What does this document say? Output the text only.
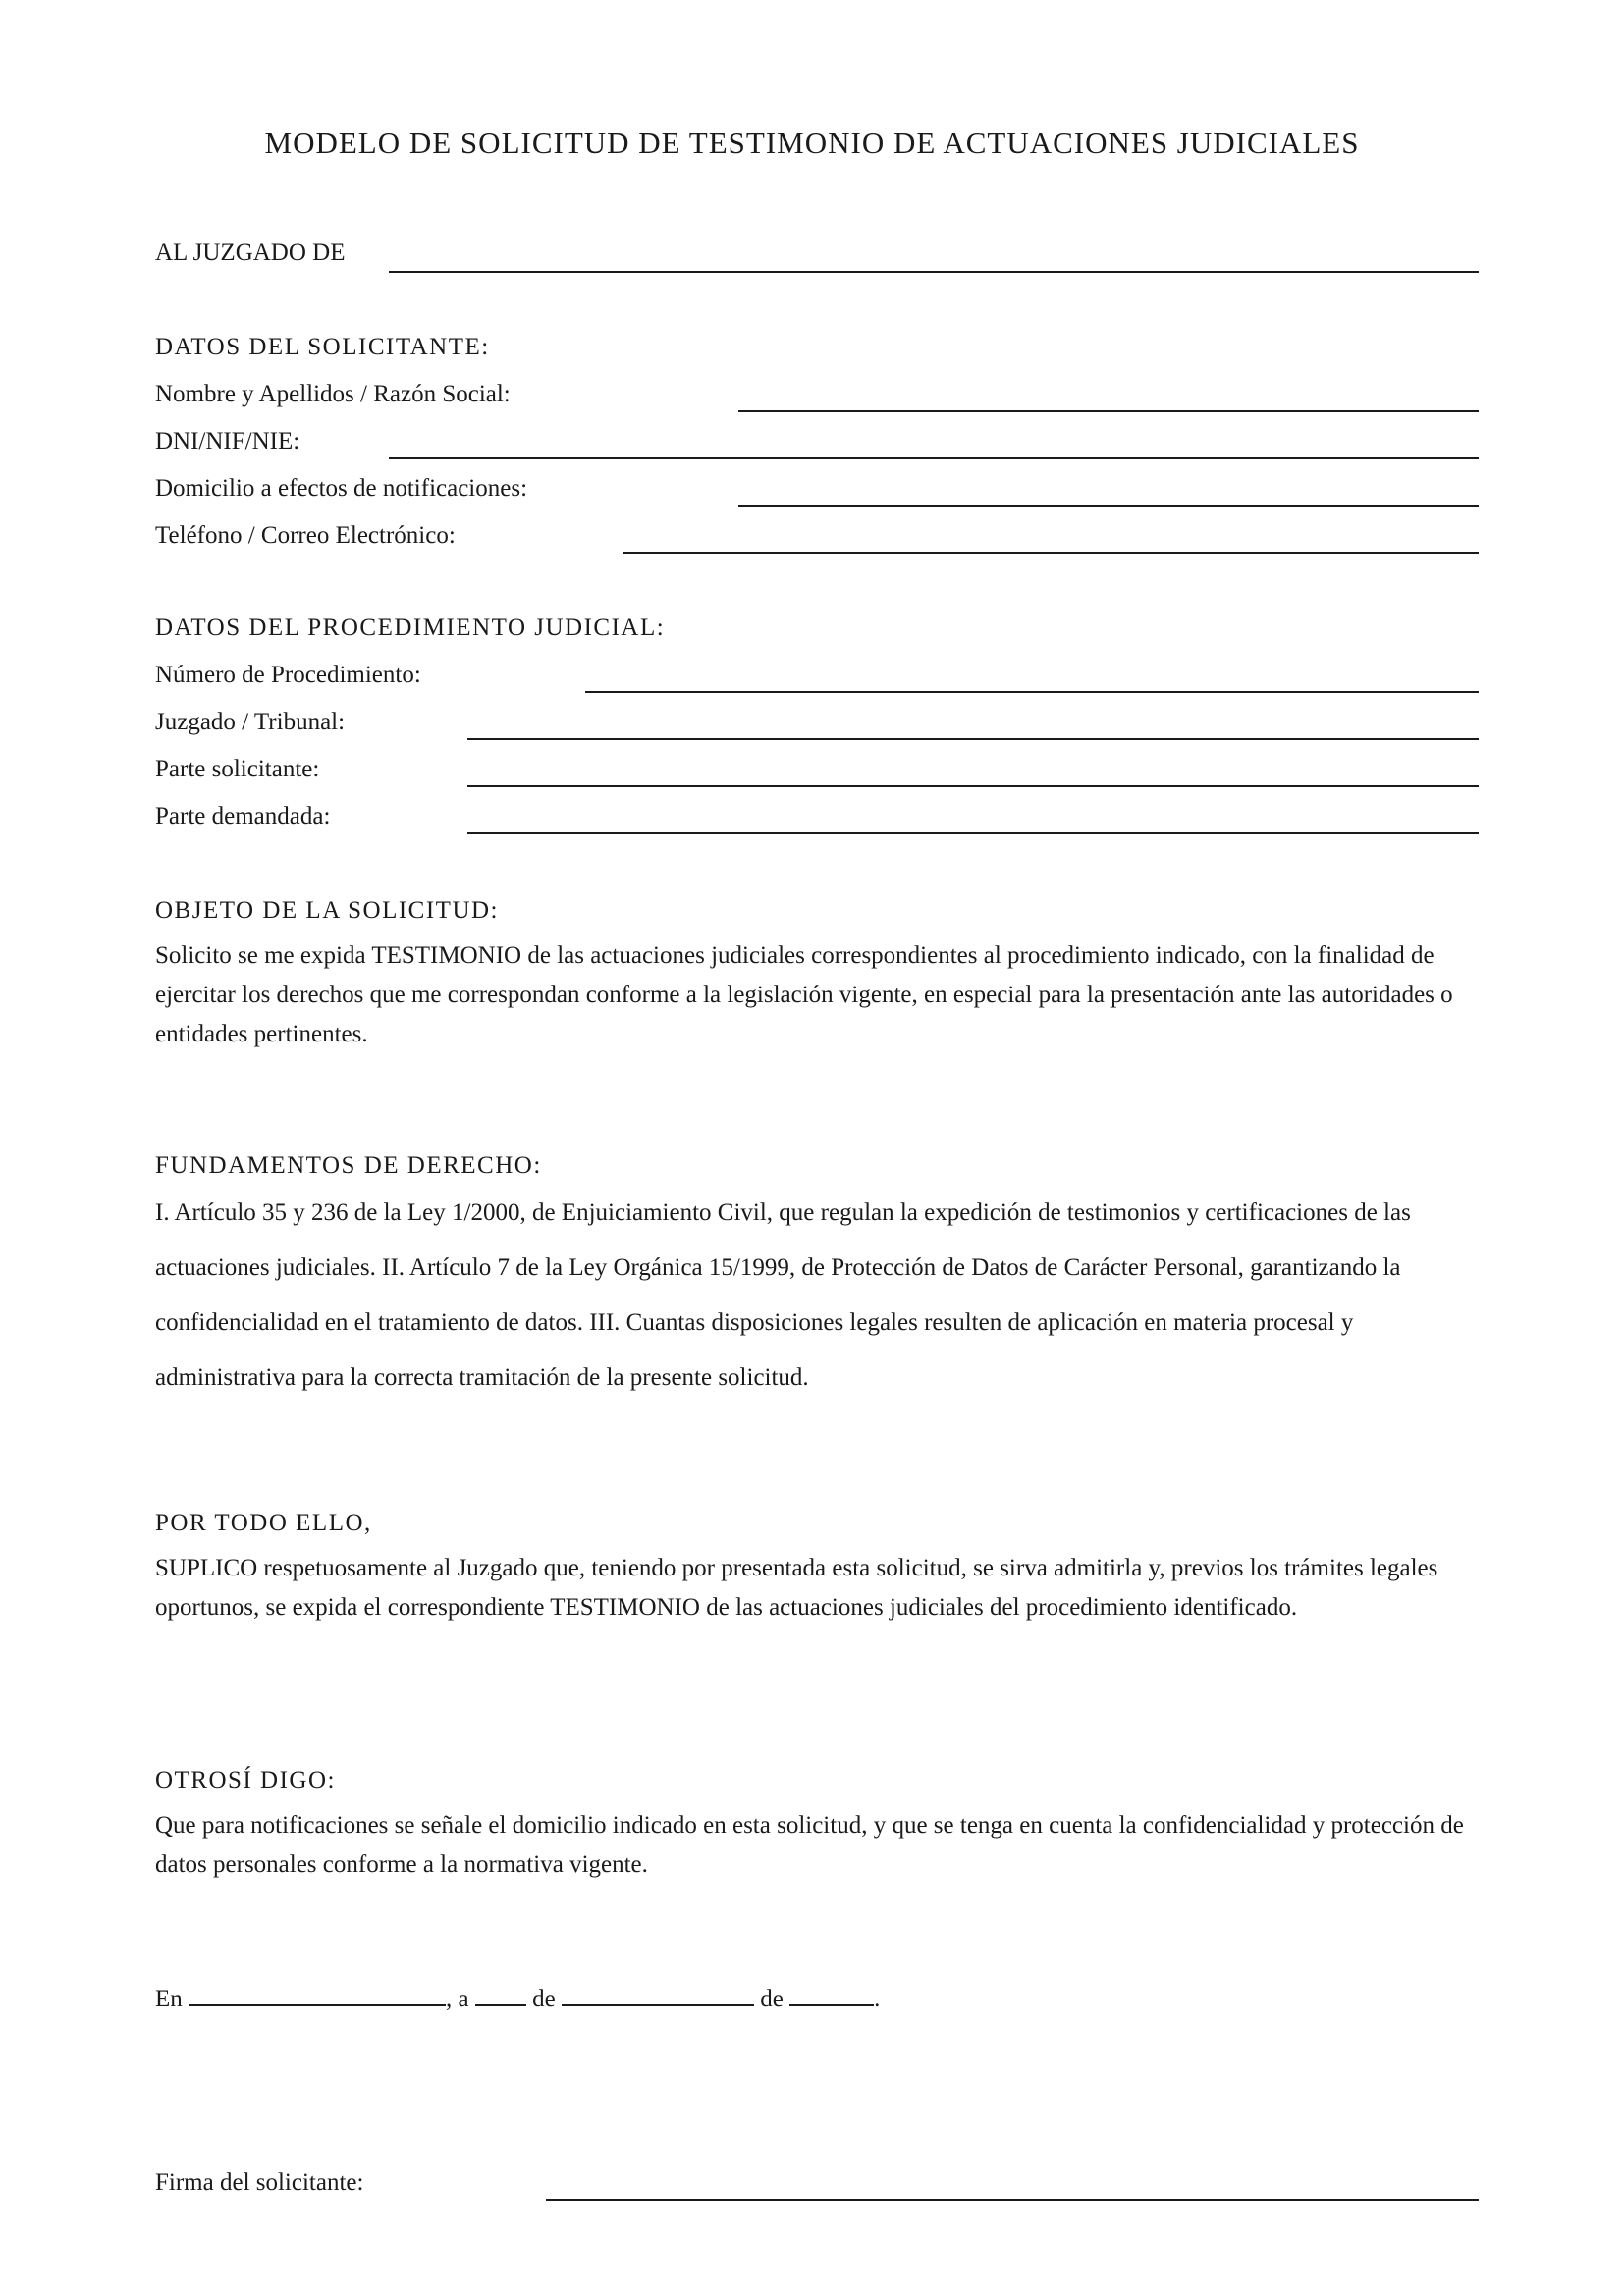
MODELO DE SOLICITUD DE TESTIMONIO DE ACTUACIONES JUDICIALES
AL JUZGADO DE
DATOS DEL SOLICITANTE:
Nombre y Apellidos / Razón Social:
DNI/NIF/NIE:
Domicilio a efectos de notificaciones:
Teléfono / Correo Electrónico:
DATOS DEL PROCEDIMIENTO JUDICIAL:
Número de Procedimiento:
Juzgado / Tribunal:
Parte solicitante:
Parte demandada:
OBJETO DE LA SOLICITUD:
Solicito se me expida TESTIMONIO de las actuaciones judiciales correspondientes al procedimiento indicado, con la finalidad de ejercitar los derechos que me correspondan conforme a la legislación vigente, en especial para la presentación ante las autoridades o entidades pertinentes.
FUNDAMENTOS DE DERECHO:
I. Artículo 35 y 236 de la Ley 1/2000, de Enjuiciamiento Civil, que regulan la expedición de testimonios y certificaciones de las actuaciones judiciales. II. Artículo 7 de la Ley Orgánica 15/1999, de Protección de Datos de Carácter Personal, garantizando la confidencialidad en el tratamiento de datos. III. Cuantas disposiciones legales resulten de aplicación en materia procesal y administrativa para la correcta tramitación de la presente solicitud.
POR TODO ELLO,
SUPLICO respetuosamente al Juzgado que, teniendo por presentada esta solicitud, se sirva admitirla y, previos los trámites legales oportunos, se expida el correspondiente TESTIMONIO de las actuaciones judiciales del procedimiento identificado.
OTROSÍ DIGO:
Que para notificaciones se señale el domicilio indicado en esta solicitud, y que se tenga en cuenta la confidencialidad y protección de datos personales conforme a la normativa vigente.
En	, a	de	de	.
Firma del solicitante:
